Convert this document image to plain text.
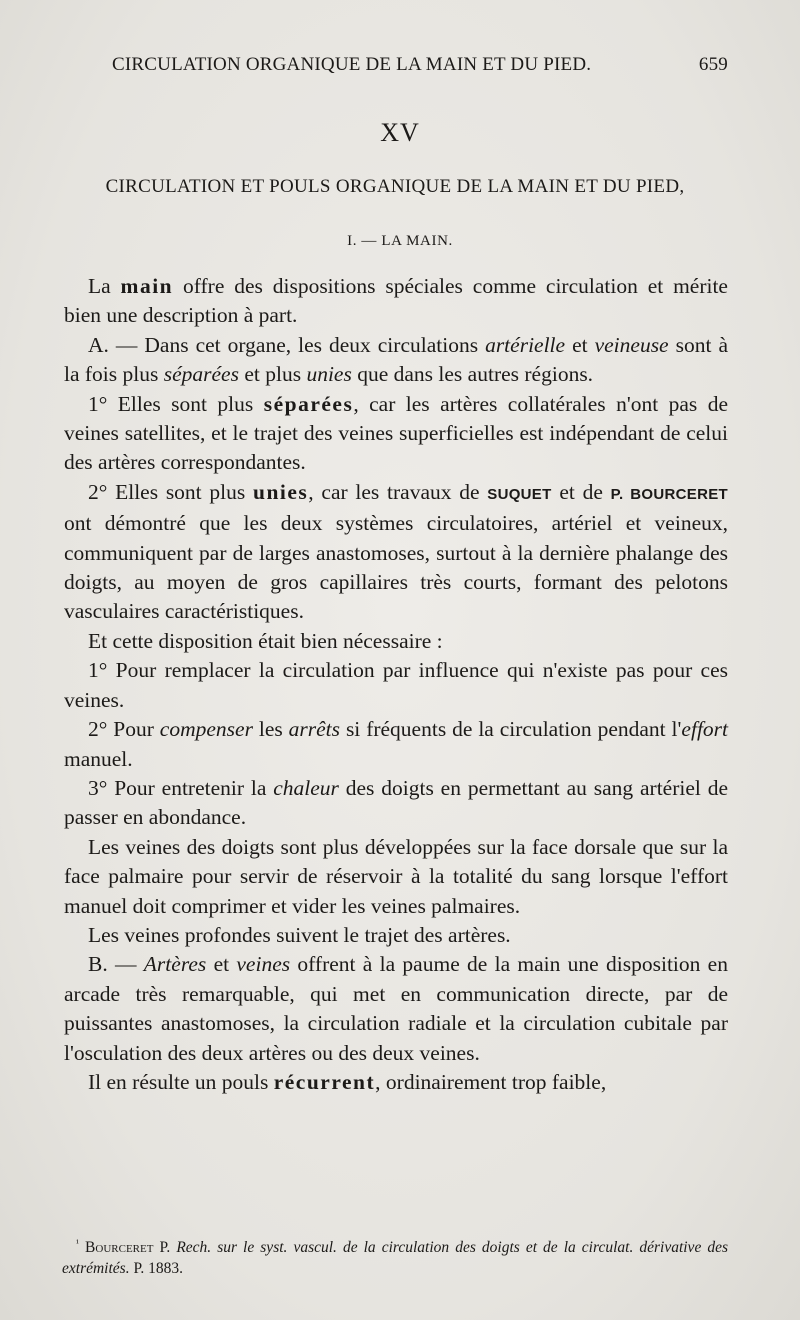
CIRCULATION ORGANIQUE DE LA MAIN ET DU PIED.	659
XV
CIRCULATION ET POULS ORGANIQUE DE LA MAIN ET DU PIED,
I. — LA MAIN.

La main offre des dispositions spéciales comme circulation et mérite bien une description à part.

A. — Dans cet organe, les deux circulations artérielle et veineuse sont à la fois plus séparées et plus unies que dans les autres régions.

1° Elles sont plus séparées, car les artères collatérales n'ont pas de veines satellites, et le trajet des veines superficielles est indépendant de celui des artères correspondantes.

2° Elles sont plus unies, car les travaux de SUQUET et de P. BOURCERET ont démontré que les deux systèmes circulatoires, artériel et veineux, communiquent par de larges anastomoses, surtout à la dernière phalange des doigts, au moyen de gros capillaires très courts, formant des pelotons vasculaires caractéristiques.

Et cette disposition était bien nécessaire :

1° Pour remplacer la circulation par influence qui n'existe pas pour ces veines.

2° Pour compenser les arrêts si fréquents de la circulation pendant l'effort manuel.

3° Pour entretenir la chaleur des doigts en permettant au sang artériel de passer en abondance.

Les veines des doigts sont plus développées sur la face dorsale que sur la face palmaire pour servir de réservoir à la totalité du sang lorsque l'effort manuel doit comprimer et vider les veines palmaires.

Les veines profondes suivent le trajet des artères.

B. — Artères et veines offrent à la paume de la main une disposition en arcade très remarquable, qui met en communication directe, par de puissantes anastomoses, la circulation radiale et la circulation cubitale par l'osculation des deux artères ou des deux veines.

Il en résulte un pouls récurrent, ordinairement trop faible,

$^{^1}$ Bourceret P. Rech. sur le syst. vascul. de la circulation des doigts et de la circulat. dérivative des extrémités. P. 1883.
